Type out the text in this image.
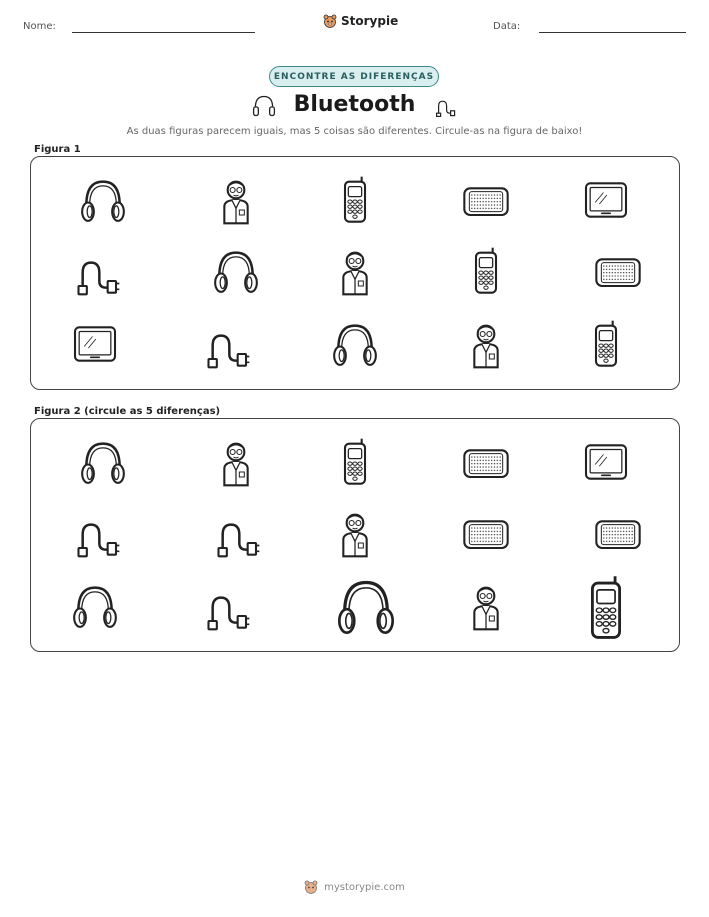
Nome:	Storypie	Data:
ENCONTRE AS DIFERENÇAS
Bluetooth
As duas figuras parecem iguais, mas 5 coisas são diferentes. Circule-as na figura de baixo!
Figura 1
Figura 2 (circule as 5 diferenças)
mystorypie.com
